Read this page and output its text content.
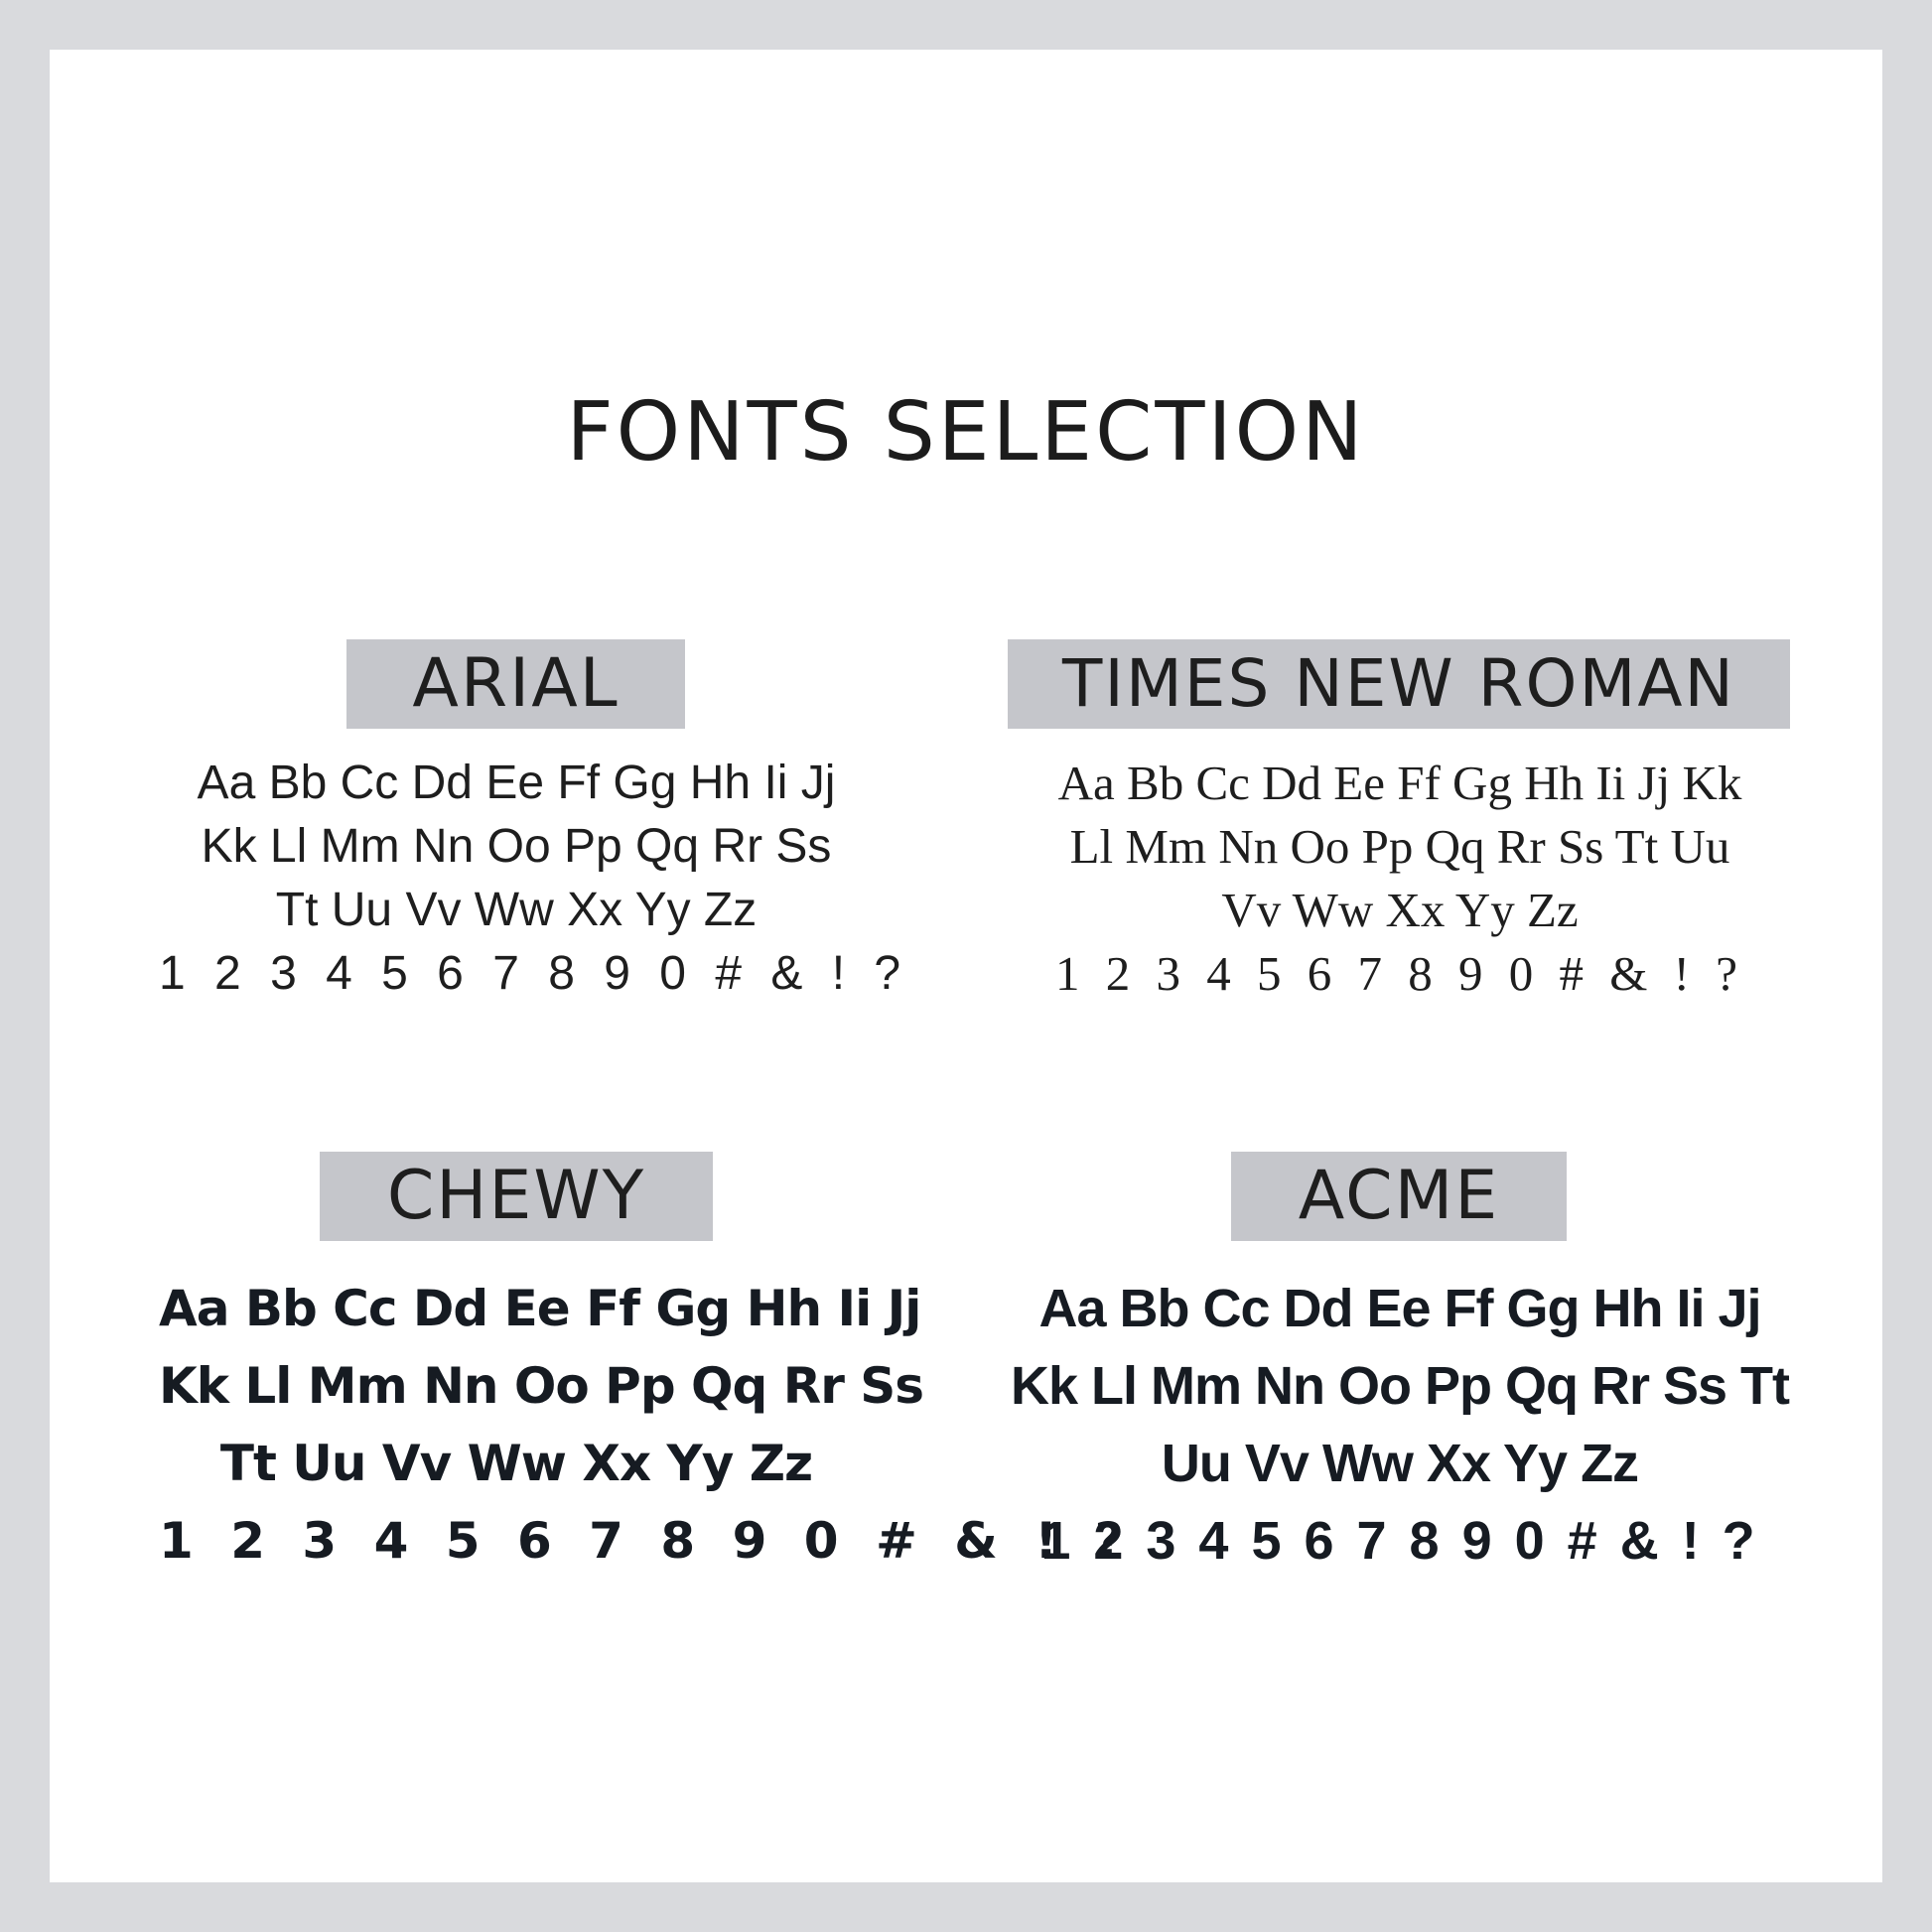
FONTS SELECTION
ARIAL
Aa Bb Cc Dd Ee Ff Gg Hh Ii Jj
Kk Ll Mm Nn Oo Pp Qq Rr Ss
Tt Uu Vv Ww Xx Yy Zz
1 2 3 4 5 6 7 8 9 0 # & ! ?
TIMES NEW ROMAN
Aa Bb Cc Dd Ee Ff Gg Hh Ii Jj Kk
Ll Mm Nn Oo Pp Qq Rr Ss Tt Uu
Vv Ww Xx Yy Zz
1 2 3 4 5 6 7 8 9 0 # & ! ?
CHEWY
Aa Bb Cc Dd Ee Ff Gg Hh Ii Jj
Kk Ll Mm Nn Oo Pp Qq Rr Ss
Tt Uu Vv Ww Xx Yy Zz
1 2 3 4 5 6 7 8 9 0 # & ! ?
ACME
Aa Bb Cc Dd Ee Ff Gg Hh Ii Jj
Kk Ll Mm Nn Oo Pp Qq Rr Ss Tt
Uu Vv Ww Xx Yy Zz
1 2 3 4 5 6 7 8 9 0 # & ! ?
